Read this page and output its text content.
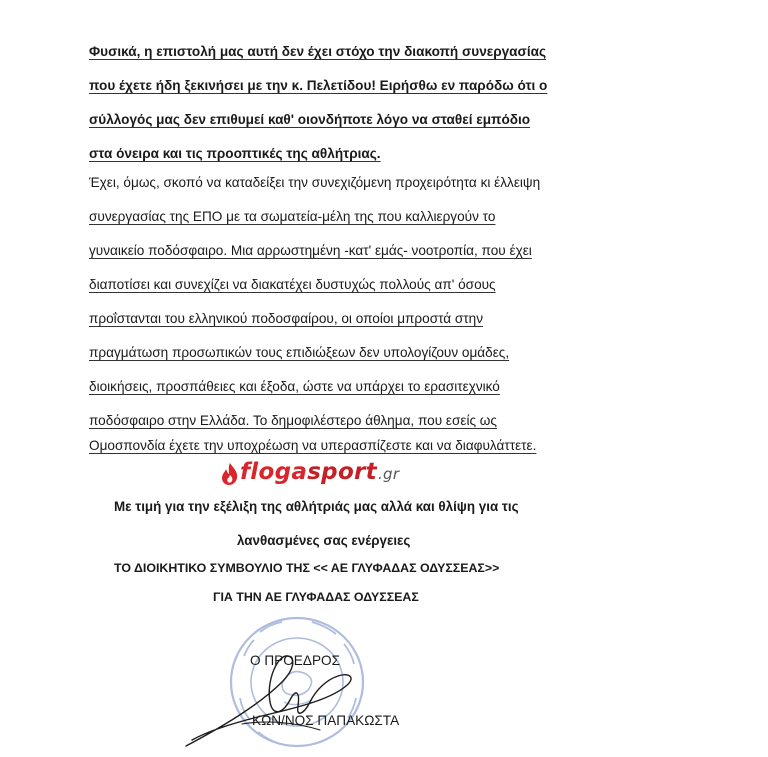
Φυσικά, η επιστολή μας αυτή δεν έχει στόχο την διακοπή συνεργασίας
που έχετε ήδη ξεκινήσει με την κ. Πελετίδου! Ειρήσθω εν παρόδω ότι ο
σύλλογός μας δεν επιθυμεί καθ' οιονδήποτε λόγο να σταθεί εμπόδιο
στα όνειρα και τις προοπτικές της αθλήτριας.
Έχει, όμως, σκοπό να καταδείξει την συνεχιζόμενη προχειρότητα κι έλλειψη
συνεργασίας της ΕΠΟ με τα σωματεία-μέλη της που καλλιεργούν το
γυναικείο ποδόσφαιρο. Μια αρρωστημένη -κατ' εμάς- νοοτροπία, που έχει
διαποτίσει και συνεχίζει να διακατέχει δυστυχώς πολλούς απ' όσους
προΐστανται του ελληνικού ποδοσφαίρου, οι οποίοι μπροστά στην
πραγμάτωση προσωπικών τους επιδιώξεων δεν υπολογίζουν ομάδες,
διοικήσεις, προσπάθειες και έξοδα, ώστε να υπάρχει το ερασιτεχνικό
ποδόσφαιρο στην Ελλάδα. Το δημοφιλέστερο άθλημα, που εσείς ως
Ομοσπονδία έχετε την υποχρέωση να υπερασπίζεστε και να διαφυλάττετε.
flogasport.gr
Με τιμή για την εξέλιξη της αθλήτριάς μας αλλά και θλίψη για τις
λανθασμένες σας ενέργειες
ΤΟ ΔΙΟΙΚΗΤΙΚΟ ΣΥΜΒΟΥΛΙΟ ΤΗΣ << ΑΕ ΓΛΥΦΑΔΑΣ ΟΔΥΣΣΕΑΣ>>
ΓΙΑ ΤΗΝ ΑΕ ΓΛΥΦΑΔΑΣ ΟΔΥΣΣΕΑΣ
Ο ΠΡΟΕΔΡΟΣ
ΚΩΝ/ΝΟΣ ΠΑΠΑΚΩΣΤΑ
